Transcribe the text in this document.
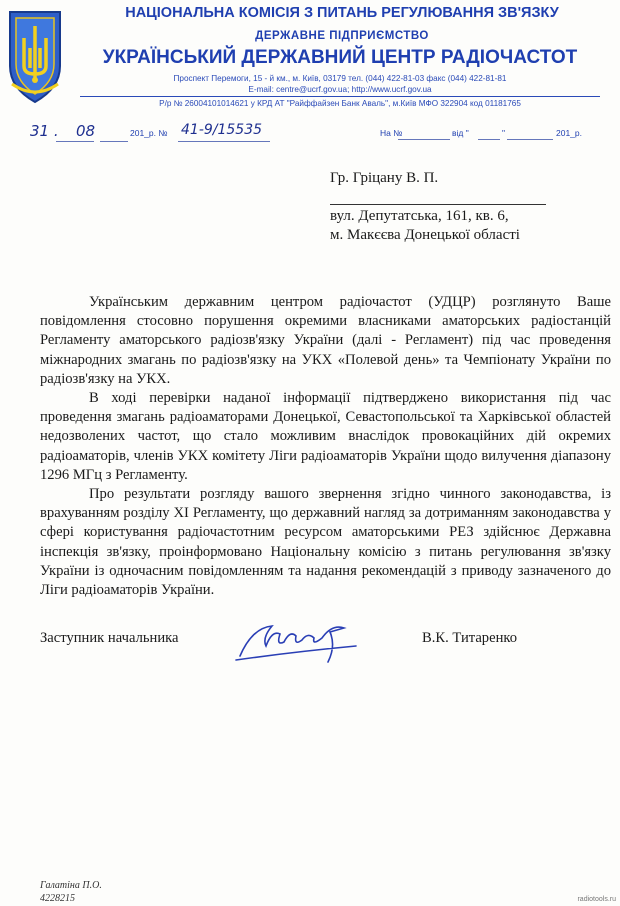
НАЦІОНАЛЬНА КОМІСІЯ З ПИТАНЬ РЕГУЛЮВАННЯ ЗВ'ЯЗКУ
ДЕРЖАВНЕ ПІДПРИЄМСТВО
УКРАЇНСЬКИЙ ДЕРЖАВНИЙ ЦЕНТР РАДІОЧАСТОТ
Проспект Перемоги, 15 - й км., м. Київ, 03179 тел. (044) 422-81-03 факс (044) 422-81-81
E-mail: centre@ucrf.gov.ua; http://www.ucrf.gov.ua
Р/р № 26004101014621 у КРД АТ "Райффайзен Банк Аваль", м.Київ МФО 322904 код 01181765
31 . 08	201_р. № 41-9/15535	На №	від "	"	201_р.
Гр. Гріцану В. П.
вул. Депутатська, 161, кв. 6,
м. Макєєва Донецької області

Українським державним центром радіочастот (УДЦР) розглянуто Ваше повідомлення стосовно порушення окремими власниками аматорських радіостанцій Регламенту аматорського радіозв'язку України (далі - Регламент) під час проведення міжнародних змагань по радіозв'язку на УКХ «Полевой день» та Чемпіонату України по радіозв'язку на УКХ.

В ході перевірки наданої інформації підтверджено використання під час проведення змагань радіоаматорами Донецької, Севастопольської та Харківської областей недозволених частот, що стало можливим внаслідок провокаційних дій окремих радіоаматорів, членів УКХ комітету Ліги радіоаматорів України щодо вилучення діапазону 1296 МГц з Регламенту.

Про результати розгляду вашого звернення згідно чинного законодавства, із врахуванням розділу XI Регламенту, що державний нагляд за дотриманням законодавства у сфері користування радіочастотним ресурсом аматорськими РЕЗ здійснює Державна інспекція зв'язку, проінформовано Національну комісію з питань регулювання зв'язку України із одночасним повідомленням та надання рекомендацій з приводу зазначеного до Ліги радіоаматорів України.

Заступник начальника	В.К. Титаренко
Галатіна П.О.
4228215	radiotools.ru
